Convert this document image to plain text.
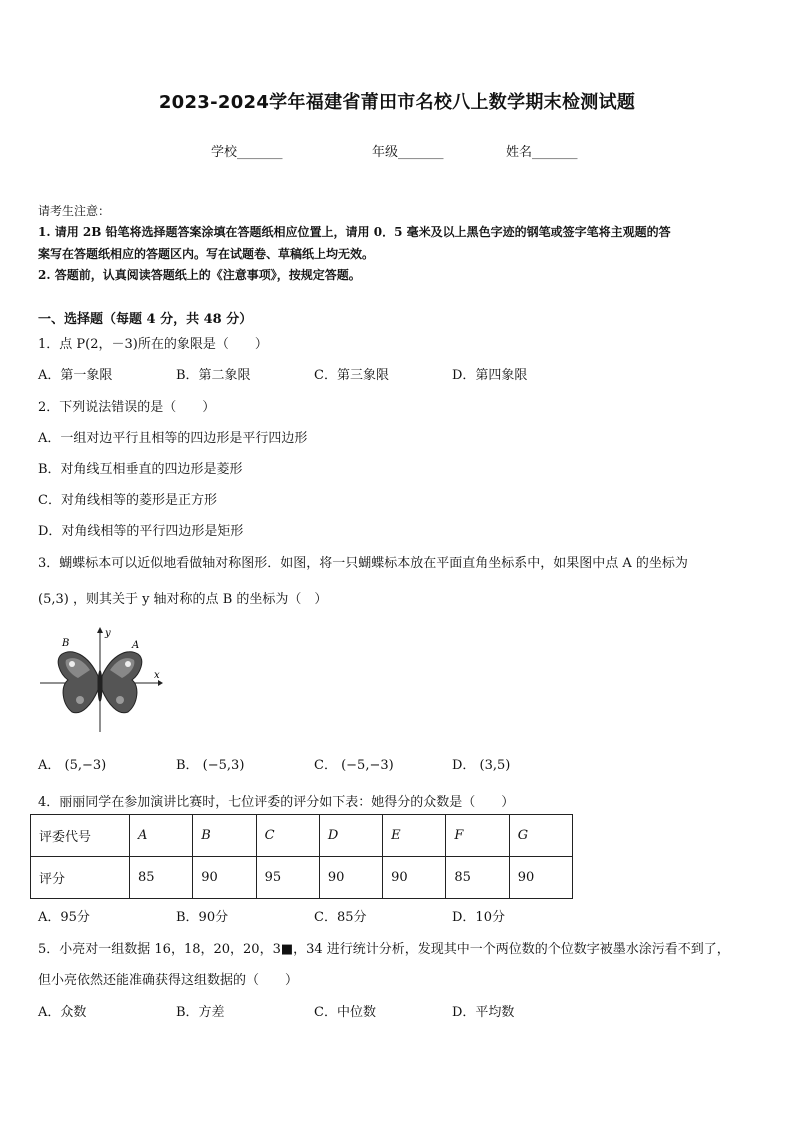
2023-2024学年福建省莆田市名校八上数学期末检测试题
学校_______	年级_______	姓名_______
请考生注意：
1. 请用 2B 铅笔将选择题答案涂填在答题纸相应位置上，请用 0．5 毫米及以上黑色字迹的钢笔或签字笔将主观题的答
案写在答题纸相应的答题区内。写在试题卷、草稿纸上均无效。
2. 答题前，认真阅读答题纸上的《注意事项》，按规定答题。
一、选择题（每题 4 分，共 48 分）
1．点 P(2，－3)所在的象限是（　　）
A．第一象限	B．第二象限	C．第三象限	D．第四象限
2．下列说法错误的是（　　）
A．一组对边平行且相等的四边形是平行四边形
B．对角线互相垂直的四边形是菱形
C．对角线相等的菱形是正方形
D．对角线相等的平行四边形是矩形
3．蝴蝶标本可以近似地看做轴对称图形．如图，将一只蝴蝶标本放在平面直角坐标系中，如果图中点 A 的坐标为
(5,3) ，则其关于 y 轴对称的点 B 的坐标为（　）
B
y
A
x
A． (5,−3)	B． (−5,3)	C． (−5,−3)	D． (3,5)
4．丽丽同学在参加演讲比赛时，七位评委的评分如下表：她得分的众数是（　　）
评委代号	A	B	C	D	E	F	G
评分	85	90	95	90	90	85	90
A．95分	B．90分	C．85分	D．10分
5．小亮对一组数据 16，18，20，20，3■，34 进行统计分析，发现其中一个两位数的个位数字被墨水涂污看不到了，
但小亮依然还能准确获得这组数据的（　　）
A．众数	B．方差	C．中位数	D．平均数
